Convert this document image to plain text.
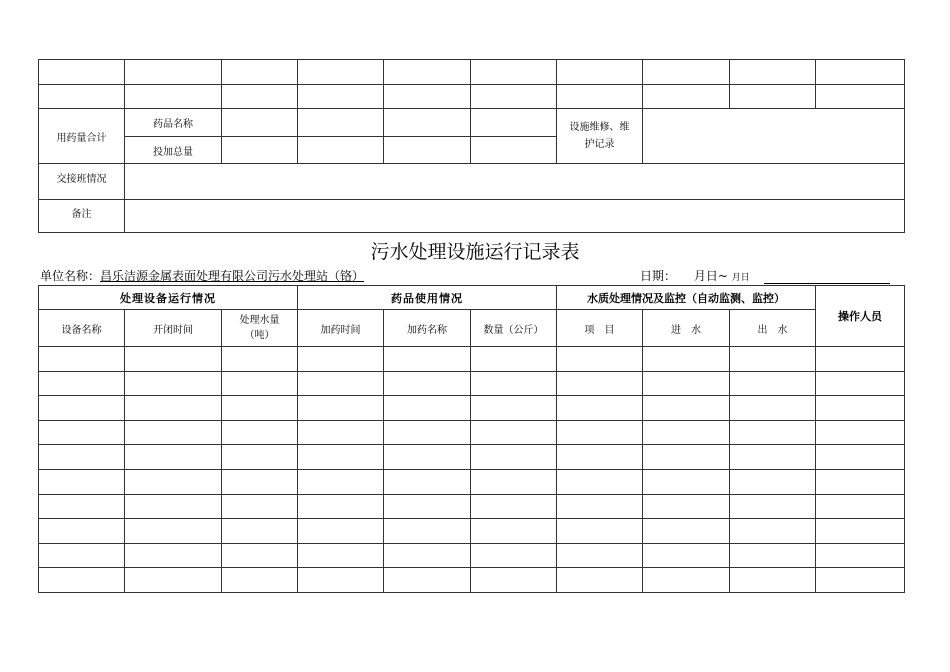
用药量合计	药品名称					设施维修、维护记录			

	投加总量								
交接班情况									
备注									
污水处理设施运行记录表
单位名称：昌乐洁源金属表面处理有限公司污水处理站（铬）	日期： 月日~ 月日
处理设备运行情况			药品使用情况			水质处理情况及监控（自动监测、监控）			操作人员
设备名称	开闭时间	处理水量（吨）	加药时间	加药名称	数量（公斤）	项　目	进　水	出　水	
